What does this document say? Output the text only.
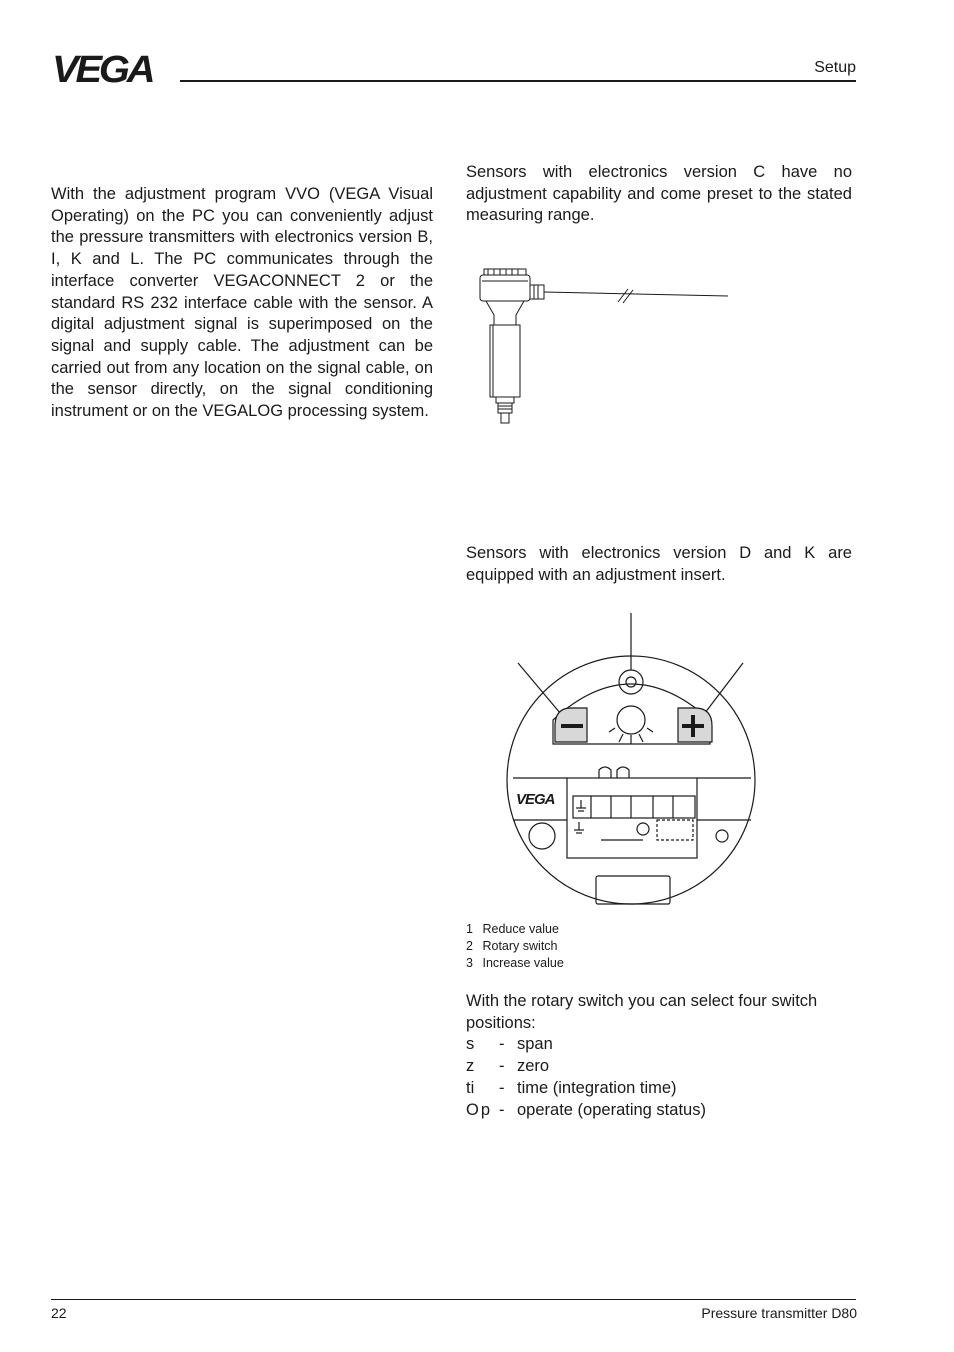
VEGA	Setup
With the adjustment program VVO (VEGA Visual Operating) on the PC you can conveniently adjust the pressure transmitters with electronics version B, I, K and L. The PC communicates through the interface converter VEGACONNECT 2 or the standard RS 232 interface cable with the sensor. A digital adjustment signal is superimposed on the signal and supply cable. The adjustment can be carried out from any location on the signal cable, on the sensor directly, on the signal conditioning instrument or on the VEGALOG processing system.
Sensors with electronics version C have no adjustment capability and come preset to the stated measuring range.
Sensors with electronics version D and K are equipped with an adjustment insert.
VEGA
1 Reduce value
2 Rotary switch
3 Increase value
With the rotary switch you can select four switch positions:
s	- span
z	- zero
ti	- time (integration time)
Op - operate (operating status)
22	Pressure transmitter D80
